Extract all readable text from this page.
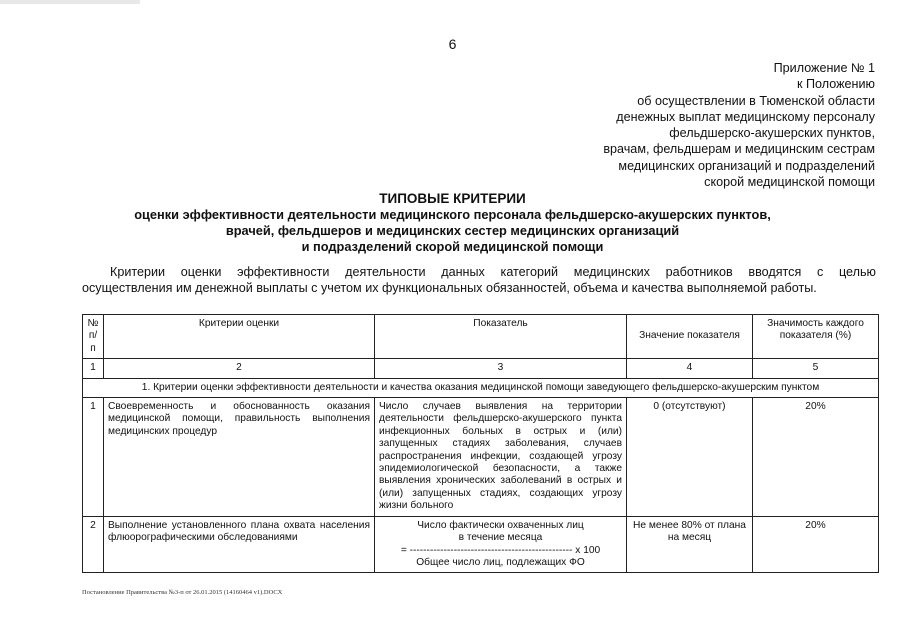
6
Приложение № 1
к Положению
об осуществлении в Тюменской области
денежных выплат медицинскому персоналу
фельдшерско-акушерских пунктов,
врачам, фельдшерам и медицинским сестрам
медицинских организаций и подразделений
скорой медицинской помощи
ТИПОВЫЕ КРИТЕРИИ
оценки эффективности деятельности медицинского персонала фельдшерско-акушерских пунктов,
врачей, фельдшеров и медицинских сестер медицинских организаций
и подразделений скорой медицинской помощи
Критерии оценки эффективности деятельности данных категорий медицинских работников вводятся с целью
осуществления им денежной выплаты с учетом их функциональных обязанностей, объема и качества выполняемой работы.
№ п/п	Критерии оценки	Показатель	Значение показателя	Значимость каждого показателя (%)
1	2	3	4	5
1. Критерии оценки эффективности деятельности и качества оказания медицинской помощи заведующего фельдшерско-акушерским пунктом				
1	Своевременность и обоснованность оказания медицинской помощи, правильность выполнения медицинских процедур	Число случаев выявления на территории деятельности фельдшерско-акушерского пункта инфекционных больных в острых и (или) запущенных стадиях заболевания, случаев распространения инфекции, создающей угрозу эпидемиологической безопасности, а также выявления хронических заболеваний в острых и (или) запущенных стадиях, создающих угрозу жизни больного	0 (отсутствуют)	20%
2	Выполнение установленного плана охвата населения флюорографическими обследованиями	Число фактически охваченных лиц
в течение месяца
= ------------------------------------------------ х 100
Общее число лиц, подлежащих ФО	Не менее 80% от плана на месяц	20%
Постановление Правительства №3-п от 26.01.2015 (14160464 v1).DOCX
